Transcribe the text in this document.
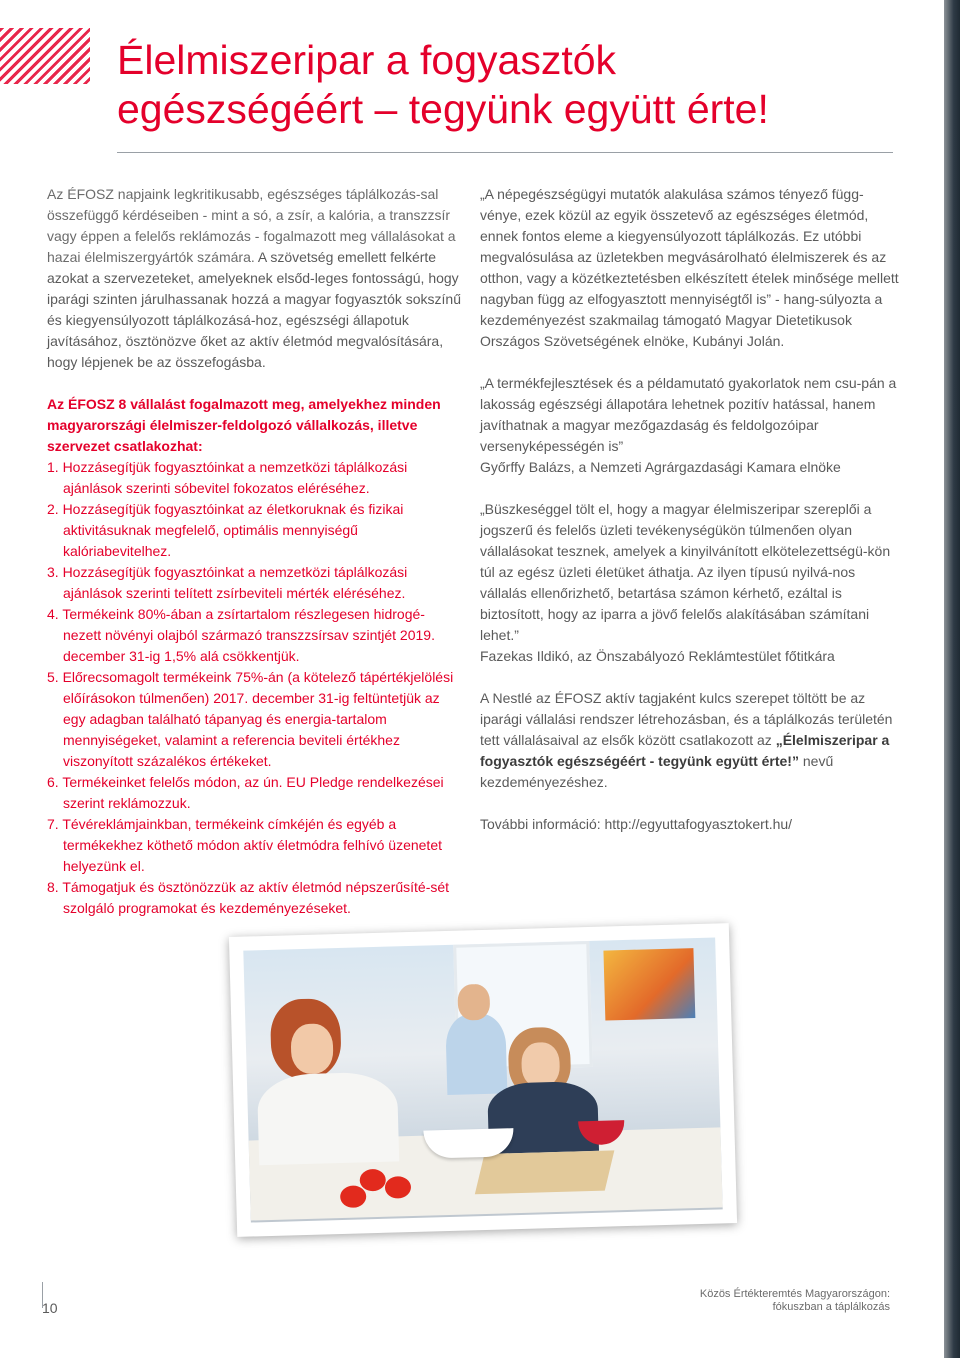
Élelmiszeripar a fogyasztók
egészségéért – tegyünk együtt érte!

Az ÉFOSZ napjaink legkritikusabb, egészséges táplálkozás-sal összefüggő kérdéseiben - mint a só, a zsír, a kalória, a transzzsír vagy éppen a felelős reklámozás - fogalmazott meg vállalásokat a hazai élelmiszergyártók számára. A szövetség emellett felkérte azokat a szervezeteket, amelyeknek elsőd-leges fontosságú, hogy iparági szinten járulhassanak hozzá a magyar fogyasztók sokszínű és kiegyensúlyozott táplálkozásá-hoz, egészségi állapotuk javításához, ösztönözve őket az aktív életmód megvalósítására, hogy lépjenek be az összefogásba.

Az ÉFOSZ 8 vállalást fogalmazott meg, amelyekhez minden magyarországi élelmiszer-feldolgozó vállalkozás, illetve szervezet csatlakozhat:

1. Hozzásegítjük fogyasztóinkat a nemzetközi táplálkozási ajánlások szerinti sóbevitel fokozatos eléréséhez.
2. Hozzásegítjük fogyasztóinkat az életkoruknak és fizikai aktivitásuknak megfelelő, optimális mennyiségű kalóriabevitelhez.
3. Hozzásegítjük fogyasztóinkat a nemzetközi táplálkozási ajánlások szerinti telített zsírbeviteli mérték eléréséhez.
4. Termékeink 80%-ában a zsírtartalom részlegesen hidrogé-nezett növényi olajból származó transzzsírsav szintjét 2019. december 31-ig 1,5% alá csökkentjük.
5. Előrecsomagolt termékeink 75%-án (a kötelező tápértékjelölési előírásokon túlmenően) 2017. december 31-ig feltüntetjük az egy adagban található tápanyag és energia-tartalom mennyiségeket, valamint a referencia beviteli értékhez viszonyított százalékos értékeket.
6. Termékeinket felelős módon, az ún. EU Pledge rendelkezései szerint reklámozzuk.
7. Tévéreklámjainkban, termékeink címkéjén és egyéb a termékekhez köthető módon aktív életmódra felhívó üzenetet helyezünk el.
8. Támogatjuk és ösztönözzük az aktív életmód népszerűsíté-sét szolgáló programokat és kezdeményezéseket.

„A népegészségügyi mutatók alakulása számos tényező függ-vénye, ezek közül az egyik összetevő az egészséges életmód, ennek fontos eleme a kiegyensúlyozott táplálkozás. Ez utóbbi megvalósulása az üzletekben megvásárolható élelmiszerek és az otthon, vagy a közétkeztetésben elkészített ételek minősége mellett nagyban függ az elfogyasztott mennyiségtől is” - hang-súlyozta a kezdeményezést szakmailag támogató Magyar Dietetikusok Országos Szövetségének elnöke, Kubányi Jolán.

„A termékfejlesztések és a példamutató gyakorlatok nem csu-pán a lakosság egészségi állapotára lehetnek pozitív hatással, hanem javíthatnak a magyar mezőgazdaság és feldolgozóipar versenyképességén is”

Győrffy Balázs, a Nemzeti Agrárgazdasági Kamara elnöke

„Büszkeséggel tölt el, hogy a magyar élelmiszeripar szereplői a jogszerű és felelős üzleti tevékenységükön túlmenően olyan vállalásokat tesznek, amelyek a kinyilvánított elkötelezettségü-kön túl az egész üzleti életüket áthatja. Az ilyen típusú nyilvá-nos vállalás ellenőrizhető, betartása számon kérhető, ezáltal is biztosított, hogy az iparra a jövő felelős alakításában számítani lehet.”

Fazekas Ildikó, az Önszabályozó Reklámtestület főtitkára

A Nestlé az ÉFOSZ aktív tagjaként kulcs szerepet töltött be az iparági vállalási rendszer létrehozásban, és a táplálkozás területén tett vállalásaival az elsők között csatlakozott az „Élelmiszeripar a fogyasztók egészségéért - tegyünk együtt érte!” nevű kezdeményezéshez.

További információ: http://egyuttafogyasztokert.hu/

10
Közös Értékteremtés Magyarországon:
fókuszban a táplálkozás
